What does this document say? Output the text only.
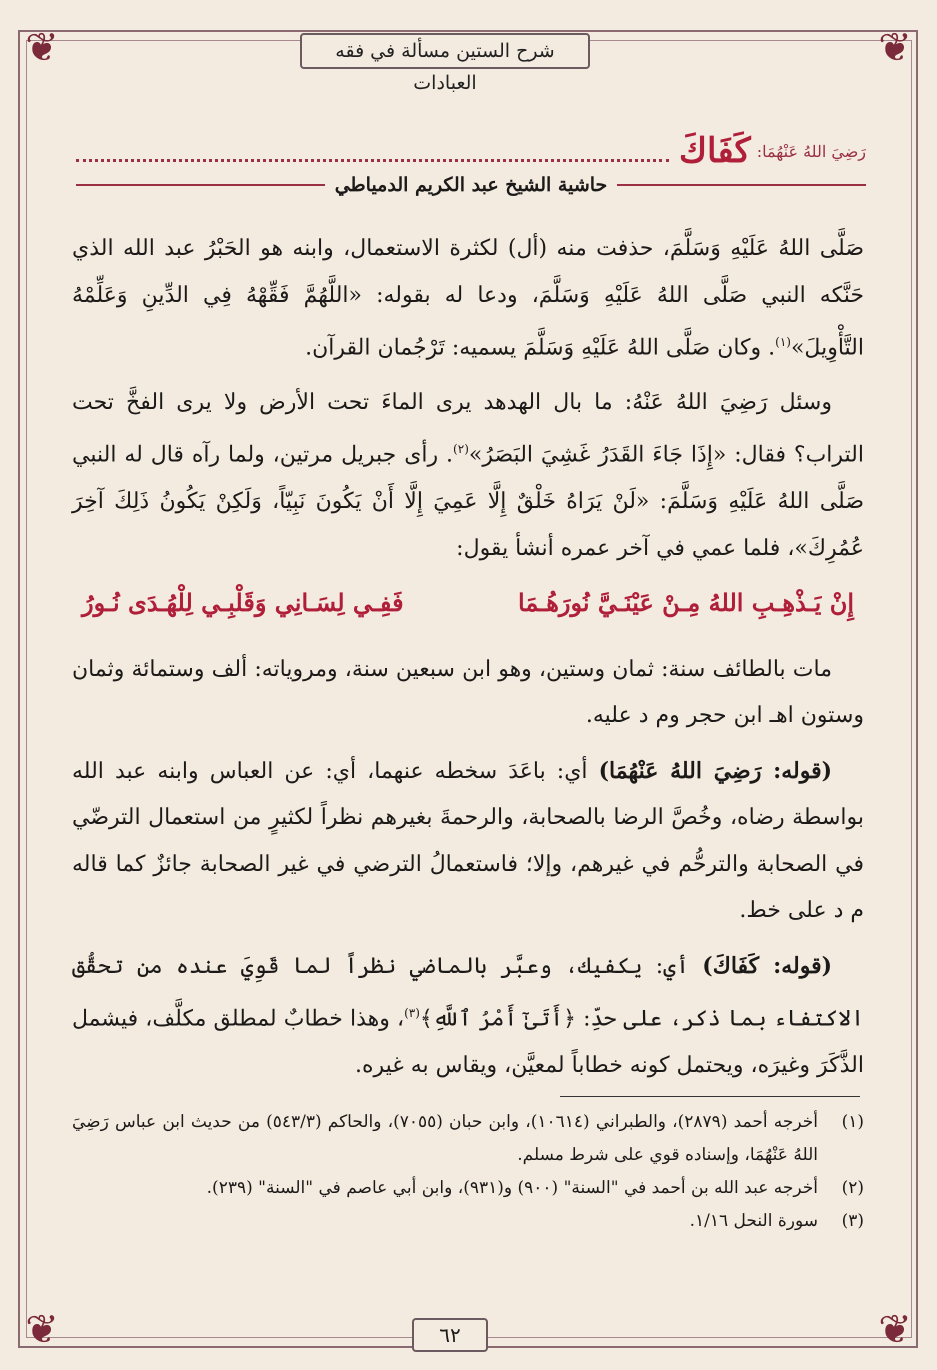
❦	❦
❦	❦
شرح الستين مسألة في فقه العبادات
رَضِيَ اللهُ عَنْهُمَا:
كَفَاكَ
حاشية الشيخ عبد الكريم الدمياطي

صَلَّى اللهُ عَلَيْهِ وَسَلَّمَ، حذفت منه (أل) لكثرة الاستعمال، وابنه هو الحَبْرُ عبد الله الذي حَنَّكه النبي صَلَّى اللهُ عَلَيْهِ وَسَلَّمَ، ودعا له بقوله: «اللَّهُمَّ فَقِّهْهُ فِي الدِّينِ وَعَلِّمْهُ التَّأْوِيلَ»$^{(١)}$. وكان صَلَّى اللهُ عَلَيْهِ وَسَلَّمَ يسميه: تَرْجُمان القرآن.

وسئل رَضِيَ اللهُ عَنْهُ: ما بال الهدهد يرى الماءَ تحت الأرض ولا يرى الفخَّ تحت التراب؟ فقال: «إِذَا جَاءَ القَدَرُ غَشِيَ البَصَرُ»$^{(٢)}$. رأى جبريل مرتين، ولما رآه قال له النبي صَلَّى اللهُ عَلَيْهِ وَسَلَّمَ: «لَنْ يَرَاهُ خَلْقٌ إِلَّا عَمِيَ إِلَّا أَنْ يَكُونَ نَبِيّاً، وَلَكِنْ يَكُونُ ذَلِكَ آخِرَ عُمُرِكَ»، فلما عمي في آخر عمره أنشأ يقول:

إِنْ يَـذْهِـبِ اللهُ مِـنْ عَيْنَـيَّ نُورَهُـمَا
فَفِـي لِسَـانِي وَقَلْبِـي لِلْهُـدَى نُـورُ

مات بالطائف سنة: ثمان وستين، وهو ابن سبعين سنة، ومروياته: ألف وستمائة وثمان وستون اهـ ابن حجر وم د عليه.

(قوله: رَضِيَ اللهُ عَنْهُمَا) أي: باعَدَ سخطه عنهما، أي: عن العباس وابنه عبد الله بواسطة رضاه، وخُصَّ الرضا بالصحابة، والرحمةَ بغيرهم نظراً لكثيرٍ من استعمال الترضّي في الصحابة والترحُّم في غيرهم، وإلا؛ فاستعمالُ الترضي في غير الصحابة جائزٌ كما قاله م د على خط.

(قوله: كَفَاكَ) أي: يكفيك، وعبَّر بالماضي نظراً لما قَوِيَ عنده من تحقُّق الاكتفاء بما ذكر، على حدِّ: ﴿أَتَىٰٓ أَمْرُ ٱللَّهِ﴾$^{(٣)}$، وهذا خطابٌ لمطلق مكلَّف، فيشمل الذَّكَرَ وغيرَه، ويحتمل كونه خطاباً لمعيَّن، ويقاس به غيره.

(١)
أخرجه أحمد (٢٨٧٩)، والطبراني (١٠٦١٤)، وابن حبان (٧٠٥٥)، والحاكم (٥٤٣/٣) من حديث ابن عباس رَضِيَ اللهُ عَنْهُمَا، وإسناده قوي على شرط مسلم.
(٢)
أخرجه عبد الله بن أحمد في "السنة" (٩٠٠) و(٩٣١)، وابن أبي عاصم في "السنة" (٢٣٩).
(٣)
سورة النحل ١/١٦.
٦٢
